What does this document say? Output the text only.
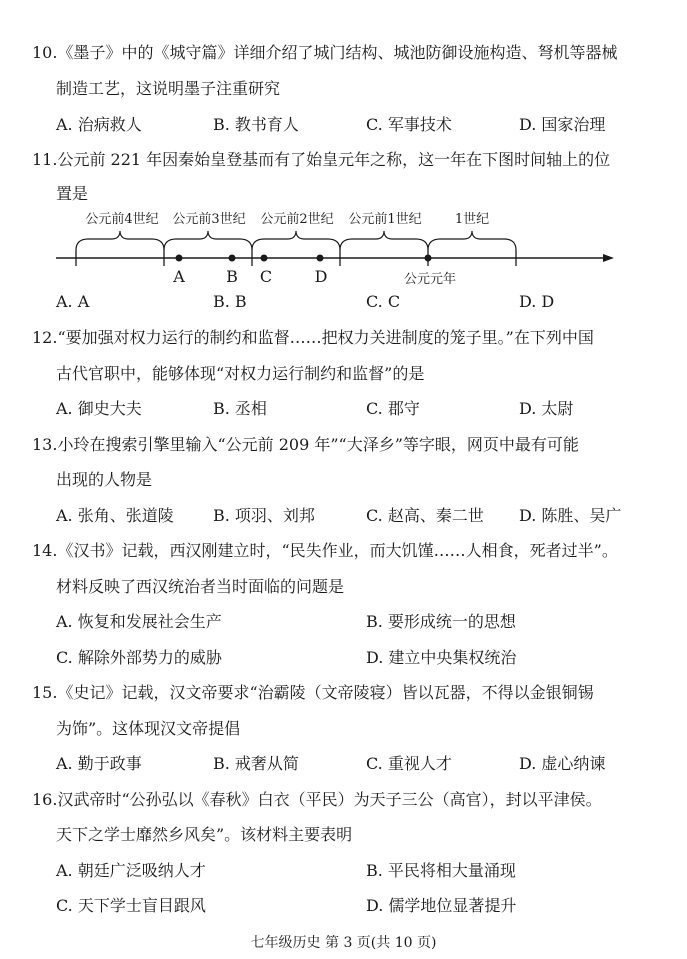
10.《墨子》中的《城守篇》详细介绍了城门结构、城池防御设施构造、弩机等器械
制造工艺，这说明墨子注重研究
A. 治病救人	B. 教书育人	C. 军事技术	D. 国家治理
11.公元前 221 年因秦始皇登基而有了始皇元年之称，这一年在下图时间轴上的位
置是
公元前4世纪 公元前3世纪 公元前2世纪 公元前1世纪	1世纪
A	B C	D	公元元年
A. A	B. B	C. C	D. D
12.“要加强对权力运行的制约和监督……把权力关进制度的笼子里。”在下列中国
古代官职中，能够体现“对权力运行制约和监督”的是
A. 御史大夫	B. 丞相	C. 郡守	D. 太尉
13.小玲在搜索引擎里输入“公元前 209 年”“大泽乡”等字眼，网页中最有可能
出现的人物是
A. 张角、张道陵 B. 项羽、刘邦	C. 赵高、秦二世 D. 陈胜、吴广
14.《汉书》记载，西汉刚建立时，“民失作业，而大饥馑……人相食，死者过半”。
材料反映了西汉统治者当时面临的问题是
A. 恢复和发展社会生产	B. 要形成统一的思想
C. 解除外部势力的威胁	D. 建立中央集权统治
15.《史记》记载，汉文帝要求“治霸陵（文帝陵寝）皆以瓦器，不得以金银铜锡
为饰”。这体现汉文帝提倡
A. 勤于政事	B. 戒奢从简	C. 重视人才	D. 虚心纳谏
16.汉武帝时“公孙弘以《春秋》白衣（平民）为天子三公（高官），封以平津侯。
天下之学士靡然乡风矣”。该材料主要表明
A. 朝廷广泛吸纳人才	B. 平民将相大量涌现
C. 天下学士盲目跟风	D. 儒学地位显著提升
七年级历史 第 3 页(共 10 页)
